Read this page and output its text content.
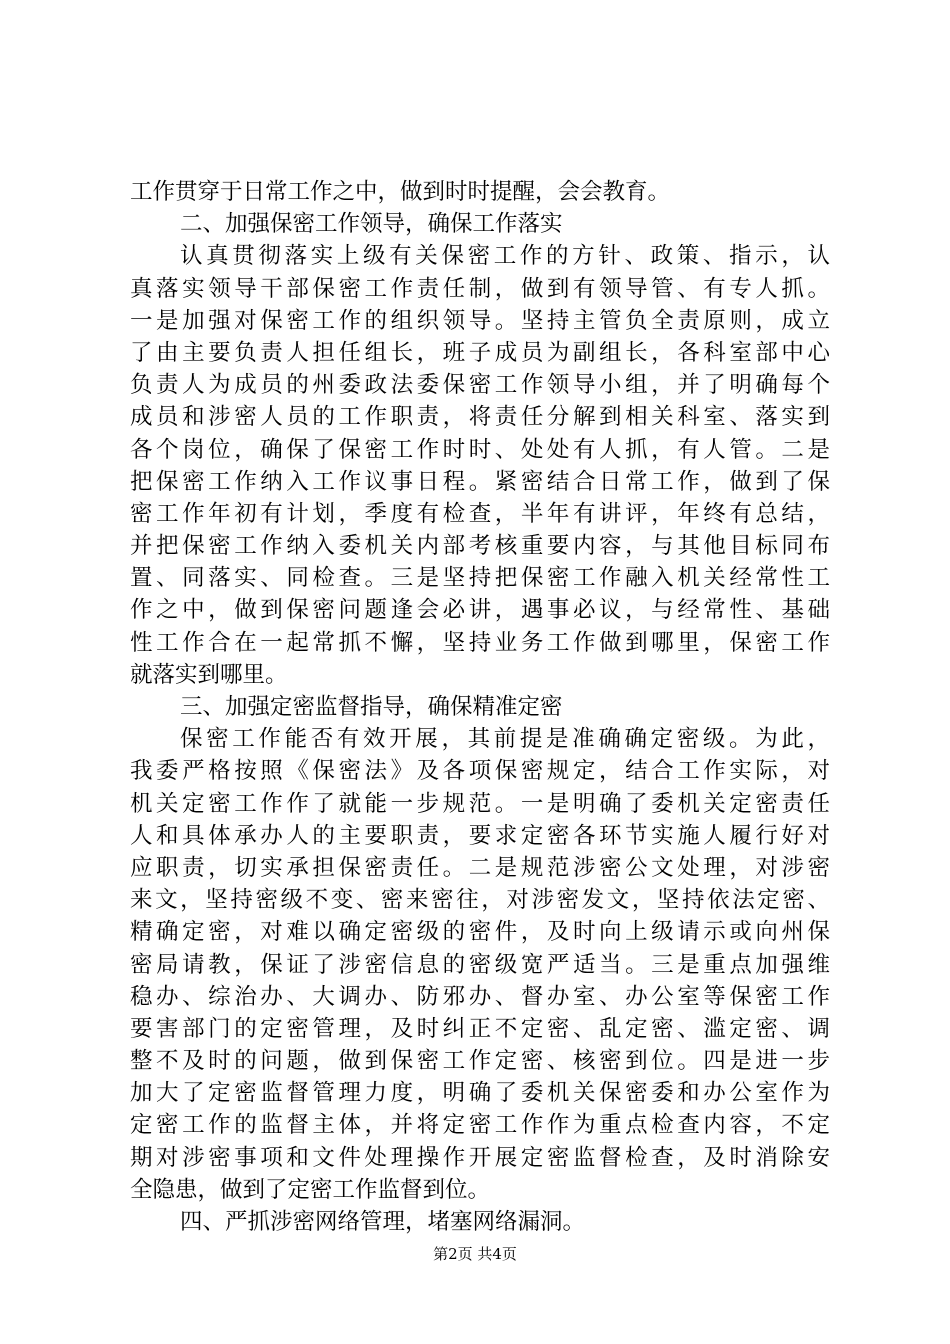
工作贯穿于日常工作之中，做到时时提醒，会会教育。
二、加强保密工作领导，确保工作落实
认真贯彻落实上级有关保密工作的方针、政策、指示，认
真落实领导干部保密工作责任制，做到有领导管、有专人抓。
一是加强对保密工作的组织领导。坚持主管负全责原则，成立
了由主要负责人担任组长，班子成员为副组长，各科室部中心
负责人为成员的州委政法委保密工作领导小组，并了明确每个
成员和涉密人员的工作职责，将责任分解到相关科室、落实到
各个岗位，确保了保密工作时时、处处有人抓，有人管。二是
把保密工作纳入工作议事日程。紧密结合日常工作，做到了保
密工作年初有计划，季度有检查，半年有讲评，年终有总结，
并把保密工作纳入委机关内部考核重要内容，与其他目标同布
置、同落实、同检查。三是坚持把保密工作融入机关经常性工
作之中，做到保密问题逢会必讲，遇事必议，与经常性、基础
性工作合在一起常抓不懈，坚持业务工作做到哪里，保密工作
就落实到哪里。
三、加强定密监督指导，确保精准定密
保密工作能否有效开展，其前提是准确确定密级。为此，
我委严格按照《保密法》及各项保密规定，结合工作实际，对
机关定密工作作了就能一步规范。一是明确了委机关定密责任
人和具体承办人的主要职责，要求定密各环节实施人履行好对
应职责，切实承担保密责任。二是规范涉密公文处理，对涉密
来文，坚持密级不变、密来密往，对涉密发文，坚持依法定密、
精确定密，对难以确定密级的密件，及时向上级请示或向州保
密局请教，保证了涉密信息的密级宽严适当。三是重点加强维
稳办、综治办、大调办、防邪办、督办室、办公室等保密工作
要害部门的定密管理，及时纠正不定密、乱定密、滥定密、调
整不及时的问题，做到保密工作定密、核密到位。四是进一步
加大了定密监督管理力度，明确了委机关保密委和办公室作为
定密工作的监督主体，并将定密工作作为重点检查内容，不定
期对涉密事项和文件处理操作开展定密监督检查，及时消除安
全隐患，做到了定密工作监督到位。
四、严抓涉密网络管理，堵塞网络漏洞。
第2页 共4页
